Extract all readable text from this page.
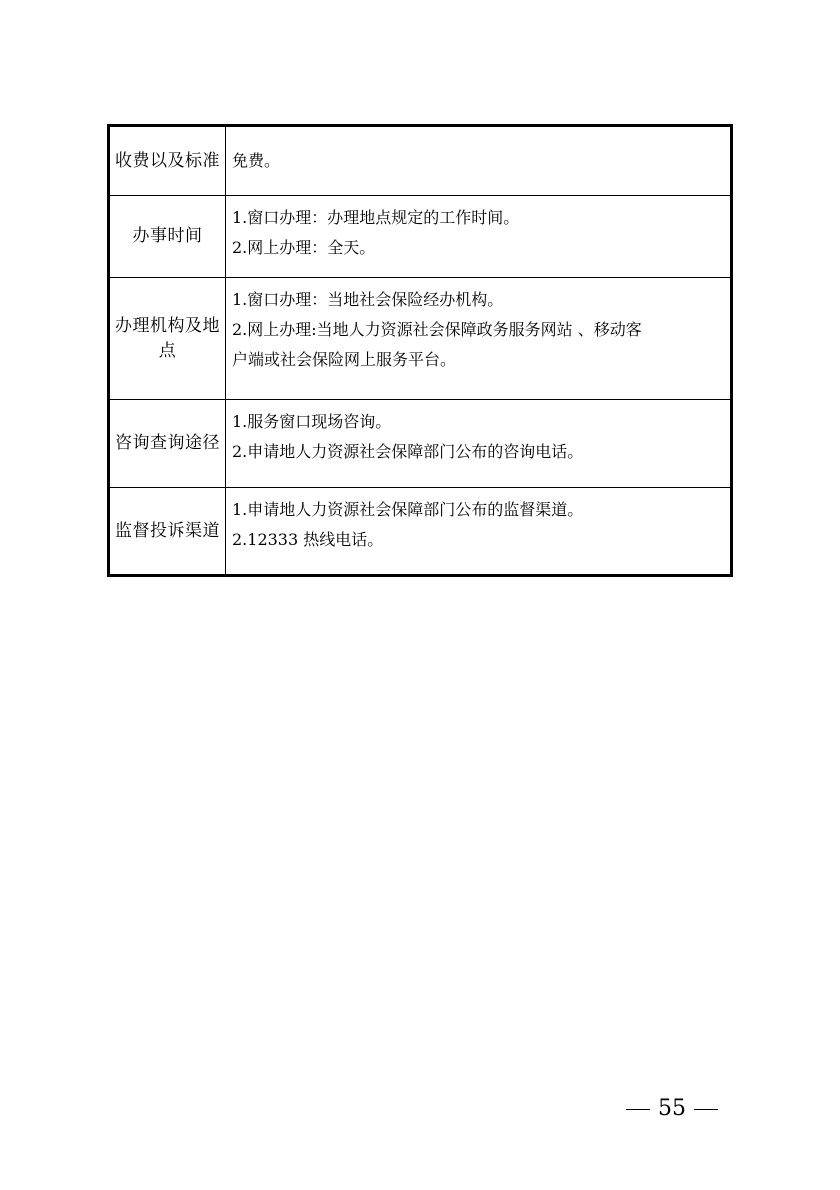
收费以及标准	免费。

办事时间	1.窗口办理：办理地点规定的工作时间。
2.网上办理：全天。

办理机构及地点	1.窗口办理：当地社会保险经办机构。
2.网上办理:当地人力资源社会保障政务服务网站 、移动客
户端或社会保险网上服务平台。

咨询查询途径	1.服务窗口现场咨询。
2.申请地人力资源社会保障部门公布的咨询电话。

监督投诉渠道	1.申请地人力资源社会保障部门公布的监督渠道。
2.12333 热线电话。
55
